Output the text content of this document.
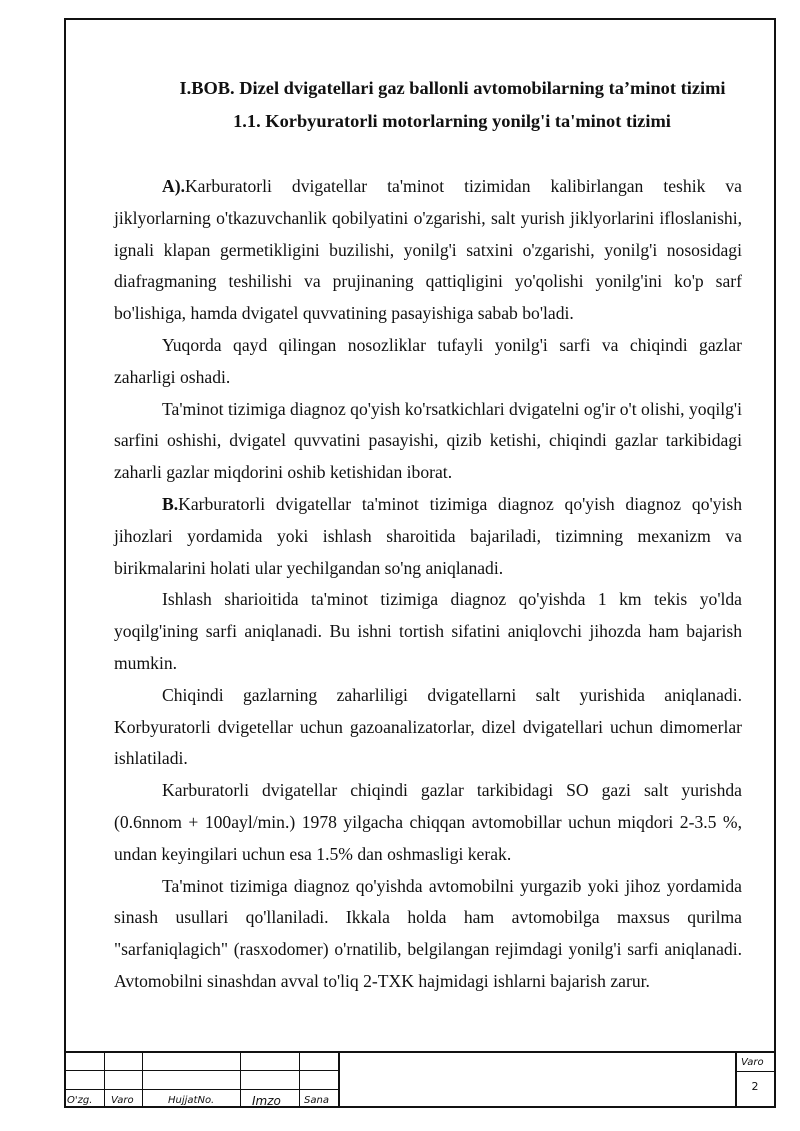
I.BOB. Dizel dvigatellari gaz ballonli avtomobilarning ta’minot tizimi
1.1. Korbyuratorli motorlarning yonilg'i ta'minot tizimi

A).Karburatorli dvigatellar ta'minot tizimidan kalibirlangan teshik va jiklyorlarning o'tkazuvchanlik qobilyatini o'zgarishi, salt yurish jiklyorlarini ifloslanishi, ignali klapan germetikligini buzilishi, yonilg'i satxini o'zgarishi, yonilg'i nososidagi diafragmaning teshilishi va prujinaning qattiqligini yo'qolishi yonilg'ini ko'p sarf bo'lishiga, hamda dvigatel quvvatining pasayishiga sabab bo'ladi.

Yuqorda qayd qilingan nosozliklar tufayli yonilg'i sarfi va chiqindi gazlar zaharligi oshadi.

Ta'minot tizimiga diagnoz qo'yish ko'rsatkichlari dvigatelni og'ir o't olishi, yoqilg'i sarfini oshishi, dvigatel quvvatini pasayishi, qizib ketishi, chiqindi gazlar tarkibidagi zaharli gazlar miqdorini oshib ketishidan iborat.

B.Karburatorli dvigatellar ta'minot tizimiga diagnoz qo'yish diagnoz qo'yish jihozlari yordamida yoki ishlash sharoitida bajariladi, tizimning mexanizm va birikmalarini holati ular yechilgandan so'ng aniqlanadi.

Ishlash sharioitida ta'minot tizimiga diagnoz qo'yishda 1 km tekis yo'lda yoqilg'ining sarfi aniqlanadi. Bu ishni tortish sifatini aniqlovchi jihozda ham bajarish mumkin.

Chiqindi gazlarning zaharliligi dvigatellarni salt yurishida aniqlanadi. Korbyuratorli dvigetellar uchun gazoanalizatorlar, dizel dvigatellari uchun dimomerlar ishlatiladi.

Karburatorli dvigatellar chiqindi gazlar tarkibidagi SO gazi salt yurishda (0.6nnom + 100ayl/min.) 1978 yilgacha chiqqan avtomobillar uchun miqdori 2-3.5 %, undan keyingilari uchun esa 1.5% dan oshmasligi kerak.

Ta'minot tizimiga diagnoz qo'yishda avtomobilni yurgazib yoki jihoz yordamida sinash usullari qo'llaniladi. Ikkala holda ham avtomobilga maxsus qurilma "sarfaniqlagich" (rasxodomer) o'rnatilib, belgilangan rejimdagi yonilg'i sarfi aniqlanadi. Avtomobilni sinashdan avval to'liq 2-TXK hajmidagi ishlarni bajarish zarur.

O'zg. Varo	HujjatNo.	Imzo Sana
Varo
2
